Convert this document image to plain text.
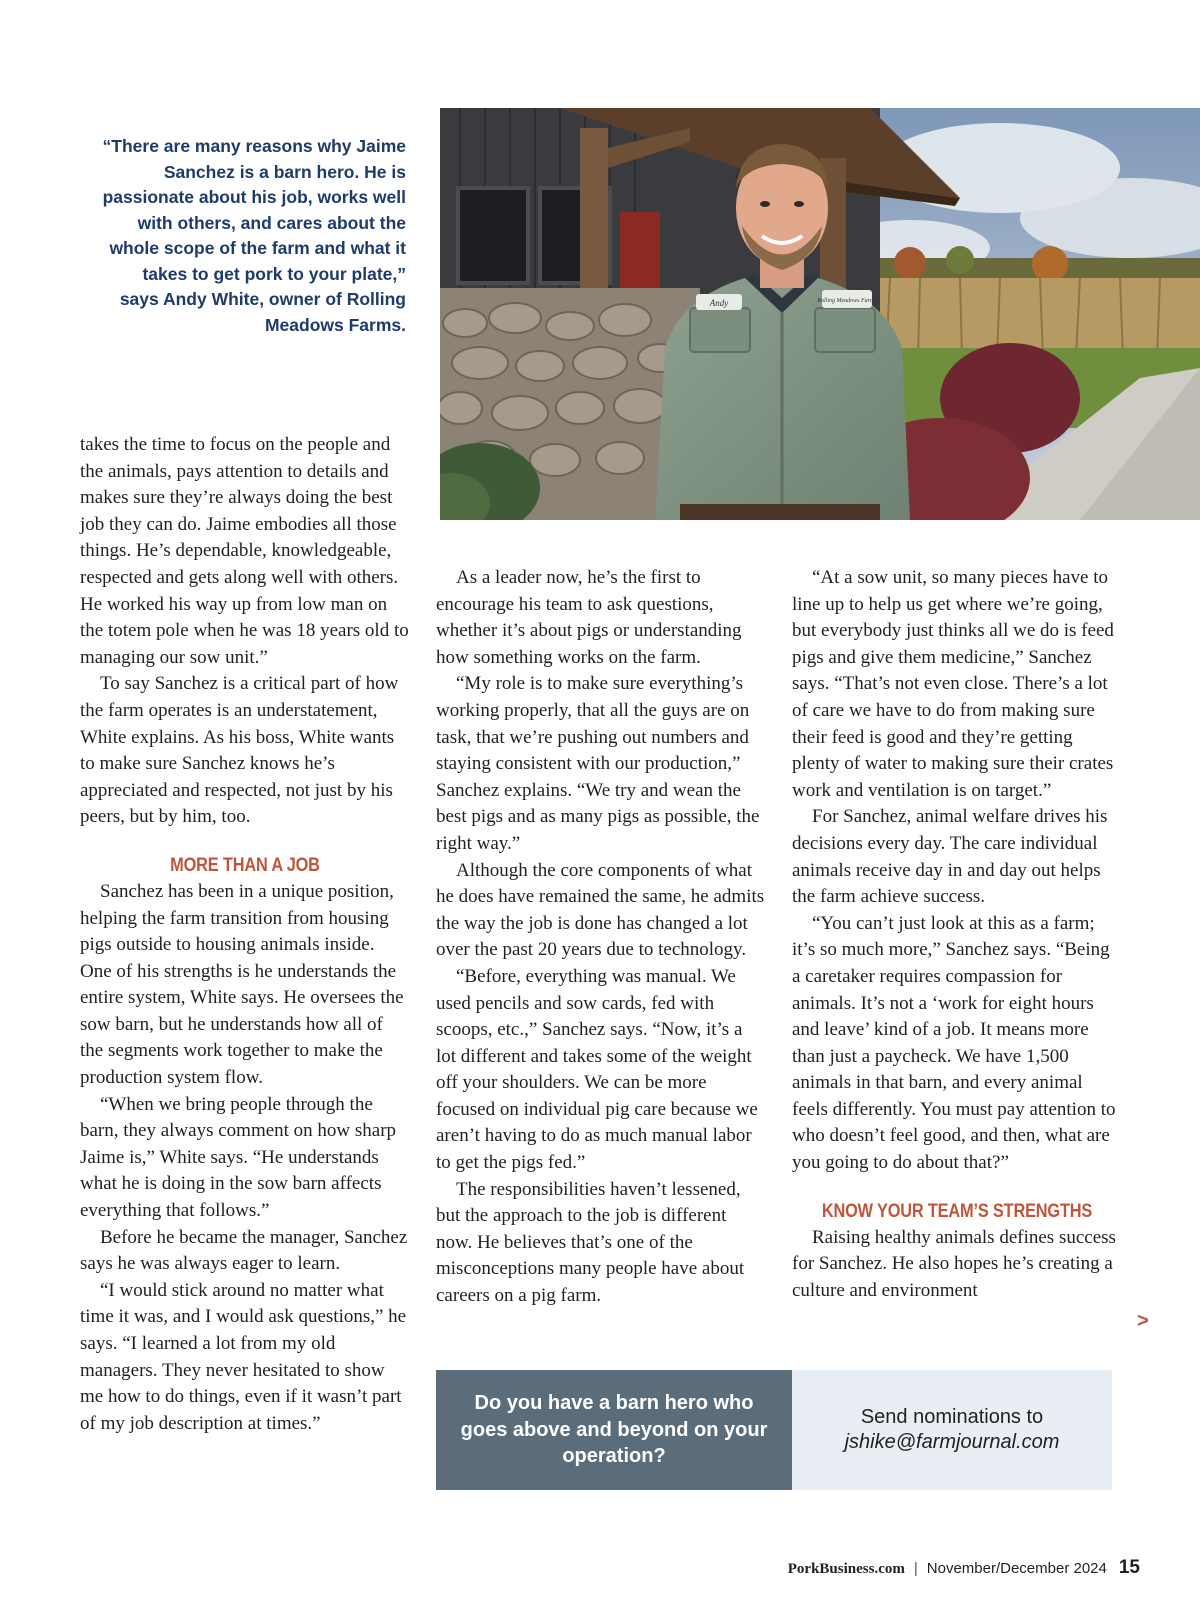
“There are many reasons why Jaime Sanchez is a barn hero. He is passionate about his job, works well with others, and cares about the whole scope of the farm and what it takes to get pork to your plate,” says Andy White, owner of Rolling Meadows Farms.
Andy	Rolling Meadows Farms

takes the time to focus on the people and the animals, pays attention to details and makes sure they’re always doing the best job they can do. Jaime embodies all those things. He’s dependable, knowledgeable, respected and gets along well with others. He worked his way up from low man on the totem pole when he was 18 years old to managing our sow unit.”

To say Sanchez is a critical part of how the farm operates is an understatement, White explains. As his boss, White wants to make sure Sanchez knows he’s appreciated and respected, not just by his peers, but by him, too.

MORE THAN A JOB

Sanchez has been in a unique position, helping the farm transition from housing pigs outside to housing animals inside. One of his strengths is he understands the entire system, White says. He oversees the sow barn, but he understands how all of the segments work together to make the production system flow.

“When we bring people through the barn, they always comment on how sharp Jaime is,” White says. “He understands what he is doing in the sow barn affects everything that follows.”

Before he became the manager, Sanchez says he was always eager to learn.

“I would stick around no matter what time it was, and I would ask questions,” he says. “I learned a lot from my old managers. They never hesitated to show me how to do things, even if it wasn’t part of my job description at times.”

As a leader now, he’s the first to encourage his team to ask questions, whether it’s about pigs or understanding how something works on the farm.

“My role is to make sure everything’s working properly, that all the guys are on task, that we’re pushing out numbers and staying consistent with our production,” Sanchez explains. “We try and wean the best pigs and as many pigs as possible, the right way.”

Although the core components of what he does have remained the same, he admits the way the job is done has changed a lot over the past 20 years due to technology.

“Before, everything was manual. We used pencils and sow cards, fed with scoops, etc.,” Sanchez says. “Now, it’s a lot different and takes some of the weight off your shoulders. We can be more focused on individual pig care because we aren’t having to do as much manual labor to get the pigs fed.”

The responsibilities haven’t lessened, but the approach to the job is different now. He believes that’s one of the misconceptions many people have about careers on a pig farm.

“At a sow unit, so many pieces have to line up to help us get where we’re going, but everybody just thinks all we do is feed pigs and give them medicine,” Sanchez says. “That’s not even close. There’s a lot of care we have to do from making sure their feed is good and they’re getting plenty of water to making sure their crates work and ventilation is on target.”

For Sanchez, animal welfare drives his decisions every day. The care individual animals receive day in and day out helps the farm achieve success.

“You can’t just look at this as a farm; it’s so much more,” Sanchez says. “Being a caretaker requires compassion for animals. It’s not a ‘work for eight hours and leave’ kind of a job. It means more than just a paycheck. We have 1,500 animals in that barn, and every animal feels differently. You must pay attention to who doesn’t feel good, and then, what are you going to do about that?”

KNOW YOUR TEAM’S STRENGTHS

Raising healthy animals defines success for Sanchez. He also hopes he’s creating a culture and environment

>
Do you have a barn hero who goes above and beyond on your operation?
Send nominations to
jshike@farmjournal.com
PorkBusiness.com | November/December 2024 15
